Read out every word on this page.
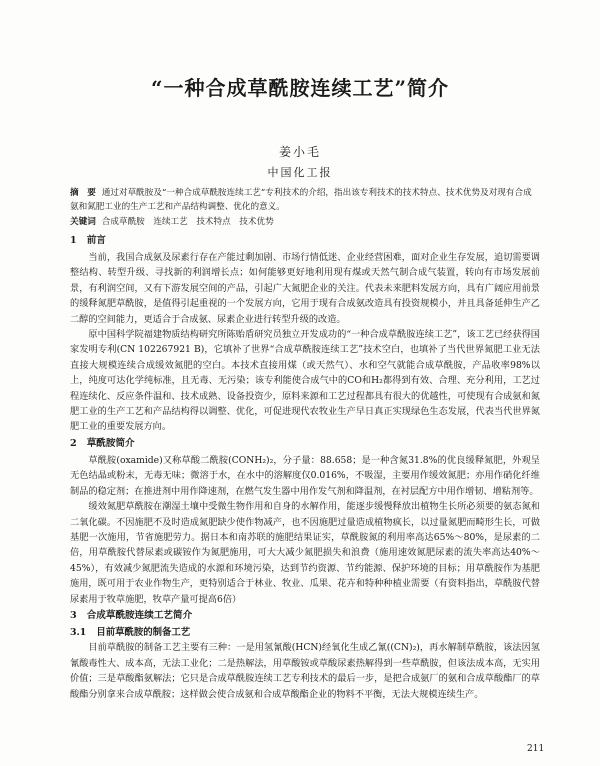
“一种合成草酰胺连续工艺”简介
姜小毛
中国化工报

摘　要 通过对草酰胺及“一种合成草酰胺连续工艺”专利技术的介绍，指出该专利技术的技术特点、技术优势及对现有合成氨和氮肥工业的生产工艺和产品结构调整、优化的意义。

关键词 合成草酰胺　连续工艺　技术特点　技术优势

1 前言

当前，我国合成氨及尿素行存在产能过剩加剧、市场行情低迷、企业经营困难，面对企业生存发展，追切需要调整结构、转型升级、寻找新的利润增长点；如何能够更好地利用现有煤或天然气制合成气装置，转向有市场发展前景，有利润空间，又有下游发展空间的产品，引起广大氮肥企业的关注。代表未来肥料发展方向，具有广阔应用前景的缓释氮肥草酰胺，是值得引起重视的一个发展方向，它用于现有合成氨改造具有投资规模小，并且具备延伸生产乙二醇的空间能力，更适合于合成氨、尿素企业进行转型升级的改造。

原中国科学院福建物质结构研究所陈贻盾研究员独立开发成功的“一种合成草酰胺连续工艺”，该工艺已经获得国家发明专利(CN 102267921 B)，它填补了世界“合成草酰胺连续工艺”技术空白，也填补了当代世界氮肥工业无法直接大规模连续合成缓效氮肥的空白。本技术直接用煤（或天然气）、水和空气就能合成草酰胺，产品收率98%以上，纯度可达化学纯标准，且无毒、无污染；该专利能使合成气中的CO和H₂都得到有效、合理、充分利用，工艺过程连续化、反应条件温和、技术成熟、设备投资少，原料来源和工艺过程都具有很大的优越性，可使现有合成氨和氮肥工业的生产工艺和产品结构得以调整、优化，可促进现代农牧业生产早日真正实现绿色生态发展，代表当代世界氮肥工业的重要发展方向。

2 草酰胺简介

草酰胺(oxamide)又称草酸二酰胺(CONH₂)₂，分子量：88.658；是一种含氮31.8%的优良缓释氮肥，外观呈无色结晶或粉末，无毒无味；微溶于水，在水中的溶解度仅0.016%，不吸湿，主要用作缓效氮肥；亦用作硝化纤维制品的稳定剂；在推进剂中用作降速剂，在燃气发生器中用作发气剂和降温剂，在衬层配方中用作增韧、增粘剂等。

缓效氮肥草酰胺在潮湿土壤中受微生物作用和自身的水解作用，能逐步缓慢释放出植物生长所必须要的氨态氮和二氧化碳。不因施肥不及时造成氮肥缺少使作物减产，也不因施肥过量造成植物疯长，以过量氮肥而畸形生长，可做基肥一次施用，节省施肥劳力。据日本和南苏联的施肥结果证实，草酰胺氮的利用率高达65%～80%，是尿素的二倍，用草酰胺代替尿素或碳铵作为氮肥施用，可大大减少氮肥损失和浪费（施用速效氮肥尿素的流失率高达40%～45%），有效减少氮肥流失造成的水源和环境污染，达到节约资源、节约能源、保护环境的目标；用草酰胺作为基肥施用，既可用于农业作物生产，更特别适合于林业、牧业、瓜果、花卉和特种种植业需要（有资料指出，草酰胺代替尿素用于牧草施肥，牧草产量可提高6倍）

3 合成草酰胺连续工艺简介
3.1 目前草酰胺的制备工艺

目前草酰胺的制备工艺主要有三种：一是用氢氰酸(HCN)经氧化生成乙氰((CN)₂)，再水解制草酰胺，该法因氢氰酸毒性大、成本高，无法工业化；二是热解法，用草酸铵或草酸尿素热解得到一些草酰胺，但该法成本高，无实用价值；三是草酸酯氨解法；它只是合成草酰胺连续工艺专利技术的最后一步，是把合成氨厂的氨和合成草酸酯厂的草酸酯分别拿来合成草酰胺；这样做会使合成氨和合成草酸酯企业的物料不平衡，无法大规模连续生产。

211
